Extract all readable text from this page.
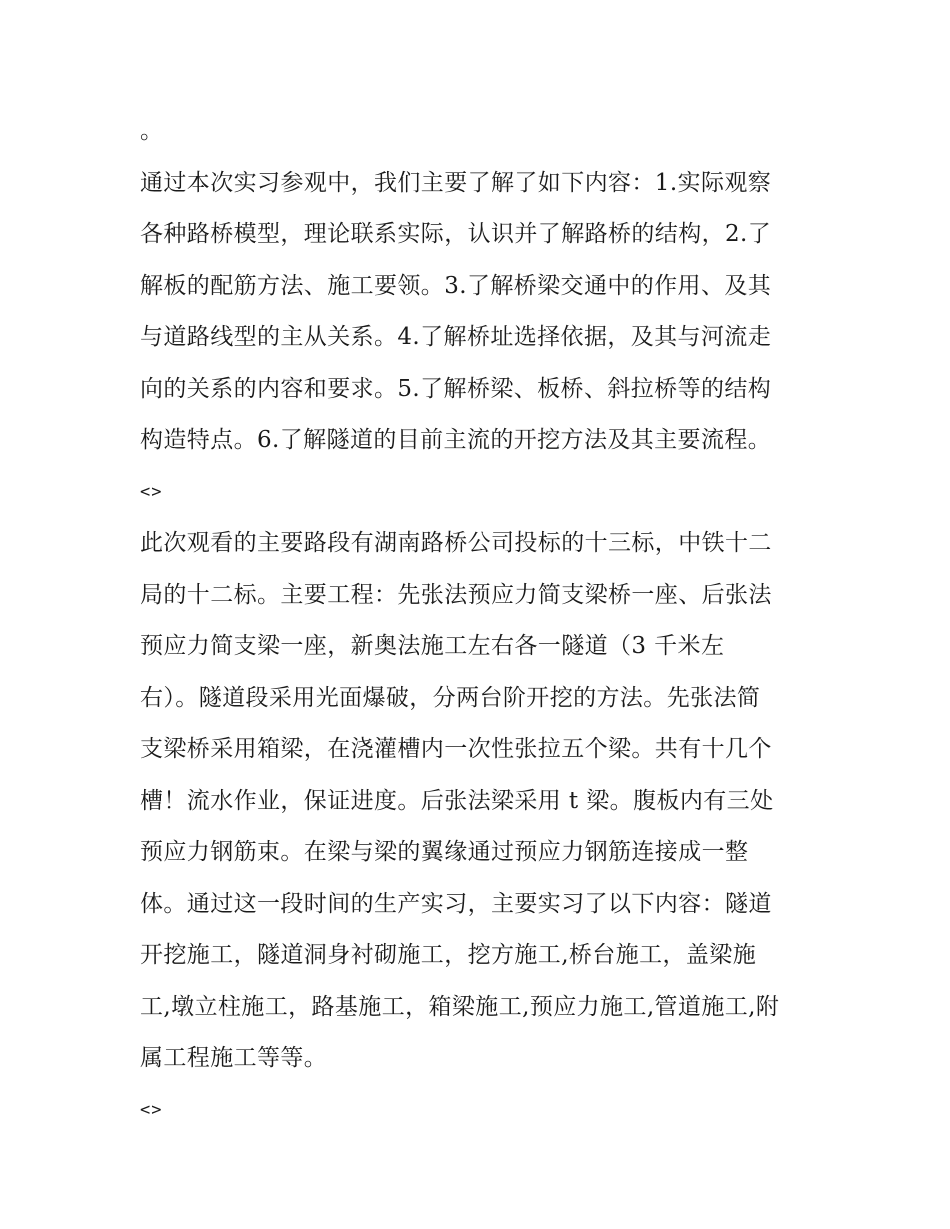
。
通过本次实习参观中，我们主要了解了如下内容：1.实际观察
各种路桥模型，理论联系实际，认识并了解路桥的结构，2.了
解板的配筋方法、施工要领。3.了解桥梁交通中的作用、及其
与道路线型的主从关系。4.了解桥址选择依据，及其与河流走
向的关系的内容和要求。5.了解桥梁、板桥、斜拉桥等的结构
构造特点。6.了解隧道的目前主流的开挖方法及其主要流程。
<>
此次观看的主要路段有湖南路桥公司投标的十三标，中铁十二
局的十二标。主要工程：先张法预应力简支梁桥一座、后张法
预应力简支梁一座，新奥法施工左右各一隧道（3 千米左
右）。隧道段采用光面爆破，分两台阶开挖的方法。先张法简
支梁桥采用箱梁，在浇灌槽内一次性张拉五个梁。共有十几个
槽！流水作业，保证进度。后张法梁采用 t 梁。腹板内有三处
预应力钢筋束。在梁与梁的翼缘通过预应力钢筋连接成一整
体。通过这一段时间的生产实习，主要实习了以下内容：隧道
开挖施工，隧道洞身衬砌施工，挖方施工,桥台施工，盖梁施
工,墩立柱施工，路基施工，箱梁施工,预应力施工,管道施工,附
属工程施工等等。
<>
